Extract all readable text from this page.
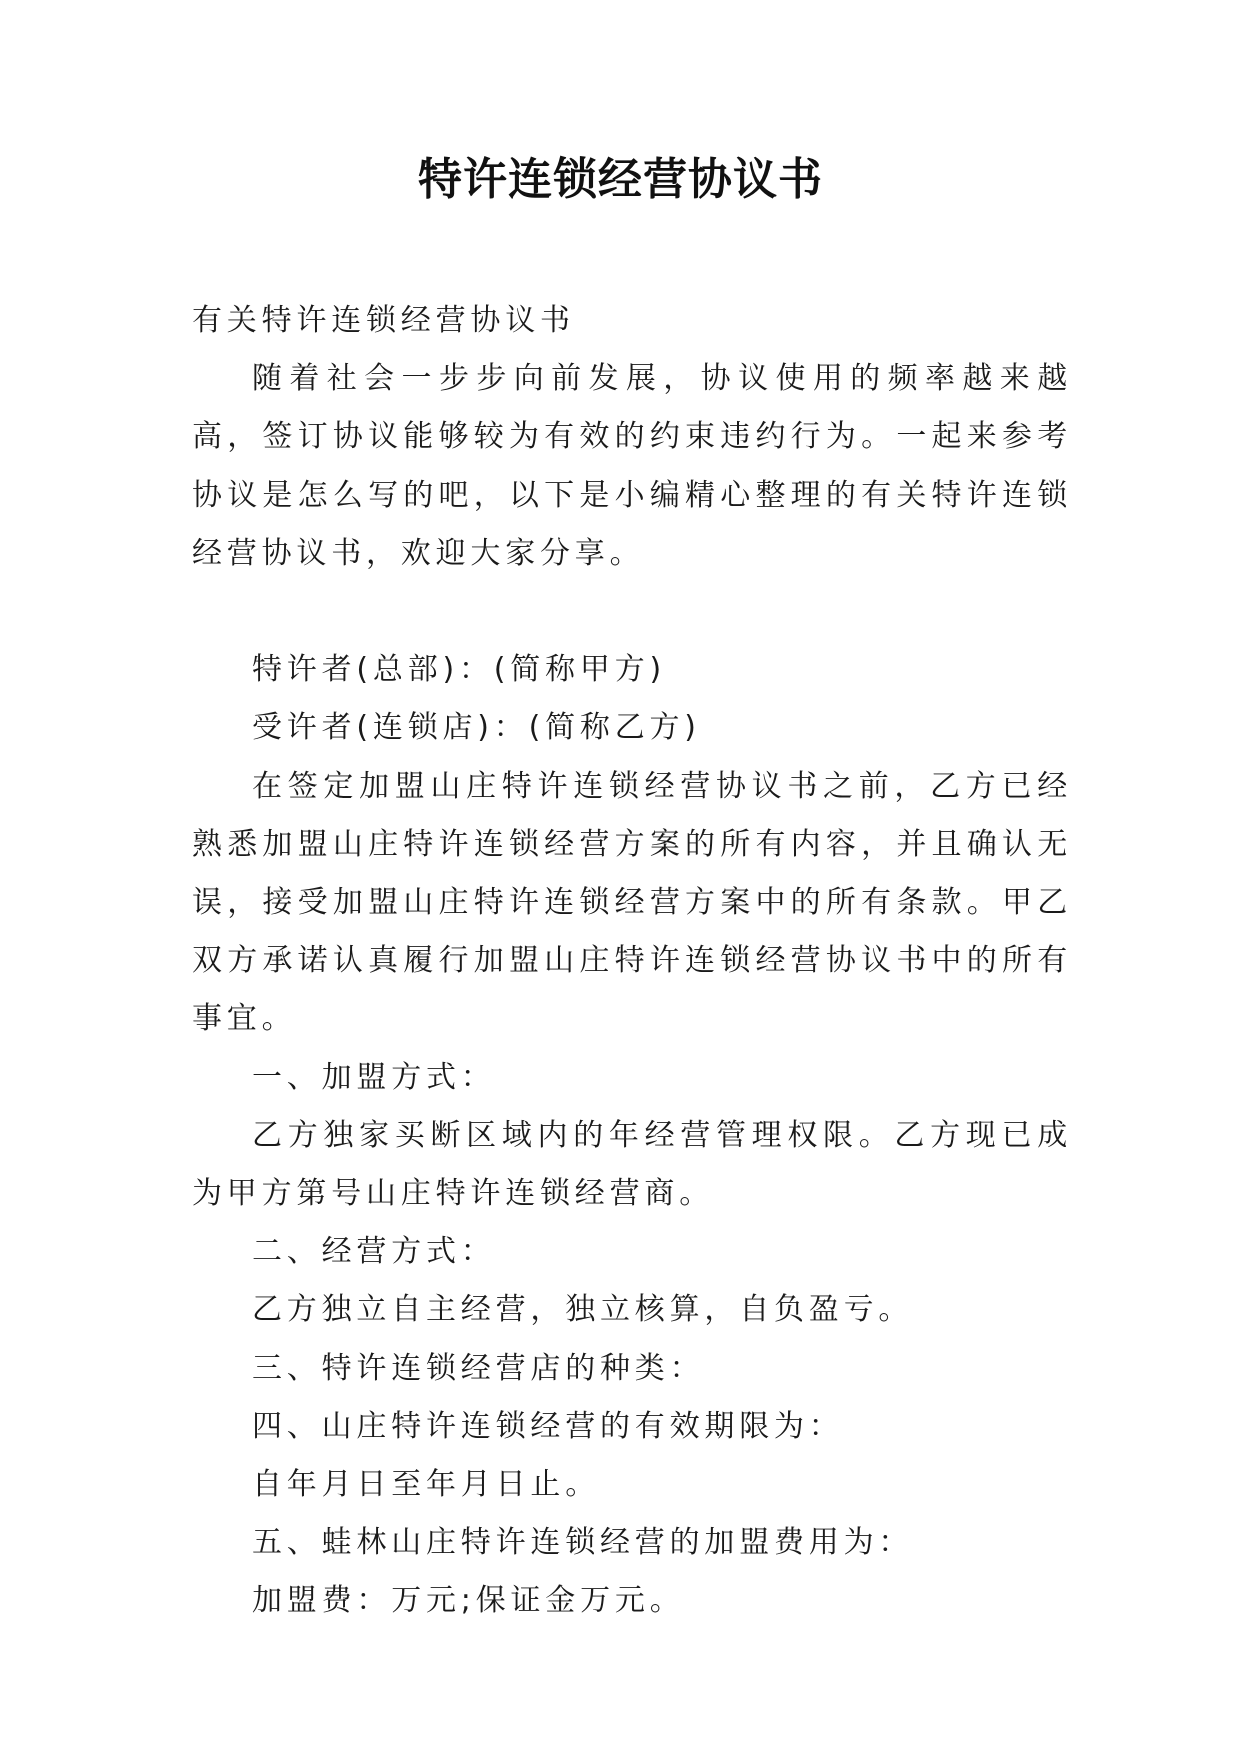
特许连锁经营协议书

有关特许连锁经营协议书

随着社会一步步向前发展，协议使用的频率越来越高，签订协议能够较为有效的约束违约行为。一起来参考协议是怎么写的吧，以下是小编精心整理的有关特许连锁经营协议书，欢迎大家分享。

特许者(总部)：(简称甲方)

受许者(连锁店)：(简称乙方)

在签定加盟山庄特许连锁经营协议书之前，乙方已经熟悉加盟山庄特许连锁经营方案的所有内容，并且确认无误，接受加盟山庄特许连锁经营方案中的所有条款。甲乙双方承诺认真履行加盟山庄特许连锁经营协议书中的所有事宜。

一、加盟方式：

乙方独家买断区域内的年经营管理权限。乙方现已成为甲方第号山庄特许连锁经营商。

二、经营方式：

乙方独立自主经营，独立核算，自负盈亏。

三、特许连锁经营店的种类：

四、山庄特许连锁经营的有效期限为：

自年月日至年月日止。

五、蛙林山庄特许连锁经营的加盟费用为：

加盟费：万元;保证金万元。
